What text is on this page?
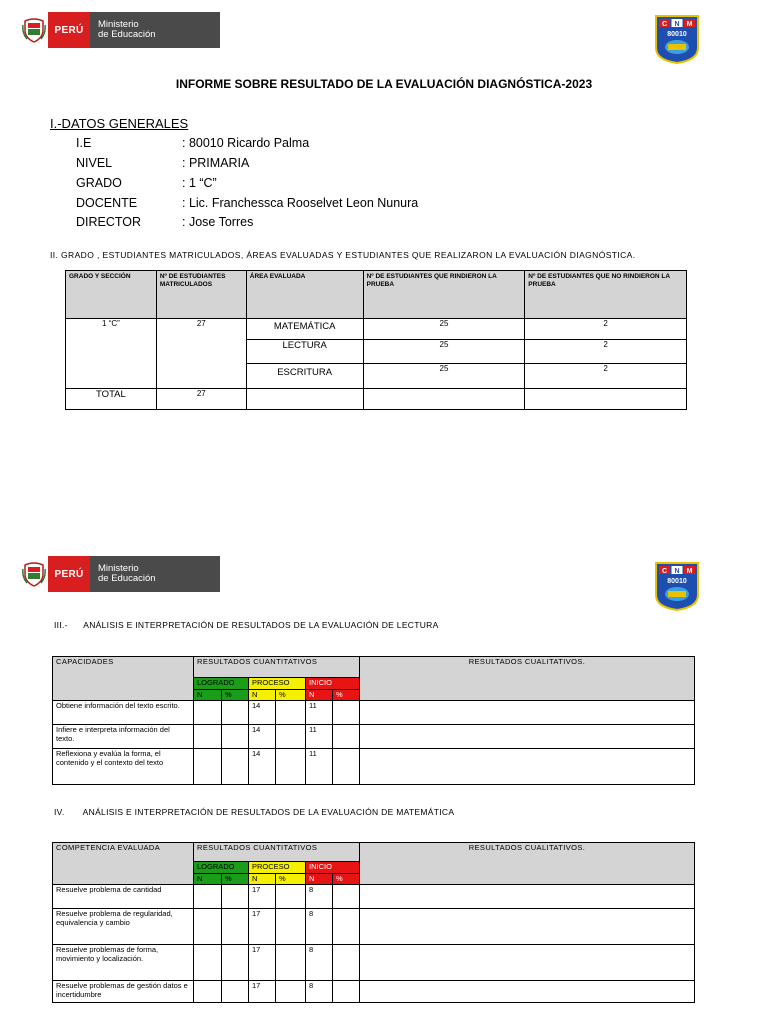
PERÚ	Ministerio
de Educación
C N M
80010
INFORME SOBRE RESULTADO DE LA EVALUACIÓN DIAGNÓSTICA-2023
I.-DATOS GENERALES
I.E	: 80010 Ricardo Palma
NIVEL	: PRIMARIA
GRADO	: 1 “C”
DOCENTE	: Lic. Franchessca Rooselvet Leon Nunura
DIRECTOR	: Jose Torres
II. GRADO , ESTUDIANTES MATRICULADOS, ÁREAS EVALUADAS Y ESTUDIANTES QUE REALIZARON LA EVALUACIÓN DIAGNÓSTICA.
GRADO Y SECCIÓN	Nº DE ESTUDIANTES MATRICULADOS	ÁREA EVALUADA	Nº DE ESTUDIANTES QUE RINDIERON LA PRUEBA	Nº DE ESTUDIANTES QUE NO RINDIERON LA PRUEBA
1 “C”	27	MATEMÁTICA	25	2
		LECTURA	25	2
		ESCRITURA	25	2
TOTAL	27			
PERÚ	Ministerio
de Educación
C N M
80010
III.-      ANÁLISIS E INTERPRETACIÓN DE RESULTADOS DE LA EVALUACIÓN DE LECTURA
CAPACIDADES	RESULTADOS CUANTITATIVOS						RESULTADOS CUALITATIVOS.
	LOGRADO		PROCESO		INICIO		
	N	%	N	%	N	%	
Obtiene información del texto escrito.			14		11		
Infiere e interpreta información del texto.			14		11		
Reflexiona y evalúa la forma, el contenido y el contexto del texto			14		11		
IV.       ANÁLISIS E INTERPRETACIÓN DE RESULTADOS DE LA EVALUACIÓN DE MATEMÁTICA
COMPETENCIA EVALUADA	RESULTADOS CUANTITATIVOS						RESULTADOS CUALITATIVOS.
	LOGRADO		PROCESO		INICIO		
	N	%	N	%	N	%	
Resuelve problema de cantidad			17		8		
Resuelve problema de regularidad, equivalencia y cambio			17		8		
Resuelve problemas de forma, movimiento y localización.			17		8		
Resuelve problemas de gestión datos e incertidumbre			17		8		
